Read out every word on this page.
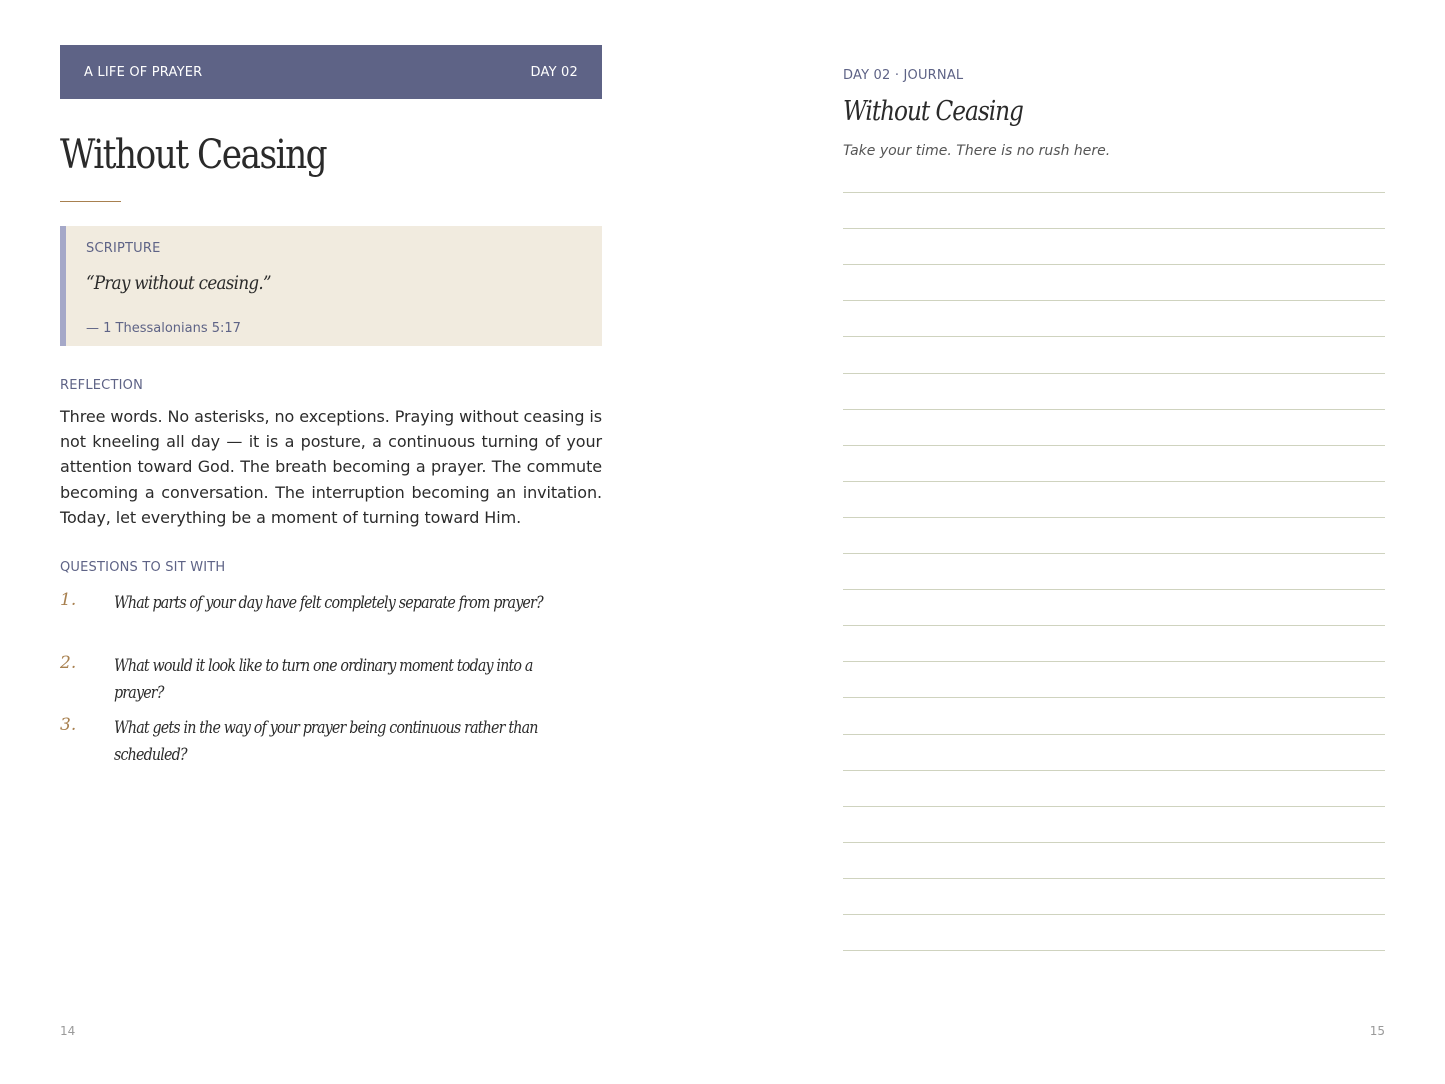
A LIFE OF PRAYER	DAY 02
Without Ceasing
SCRIPTURE
“Pray without ceasing.”
— 1 Thessalonians 5:17
REFLECTION

Three words. No asterisks, no exceptions. Praying without ceasing is not kneeling all day — it is a posture, a continuous turning of your attention toward God. The breath becoming a prayer. The commute becoming a conversation. The interruption becoming an invitation. Today, let everything be a moment of turning toward Him.

QUESTIONS TO SIT WITH
1. What parts of your day have felt completely separate from prayer?
2. What would it look like to turn one ordinary moment today into a prayer?
3. What gets in the way of your prayer being continuous rather than scheduled?
14
DAY 02 · JOURNAL
Without Ceasing
Take your time. There is no rush here.
15
